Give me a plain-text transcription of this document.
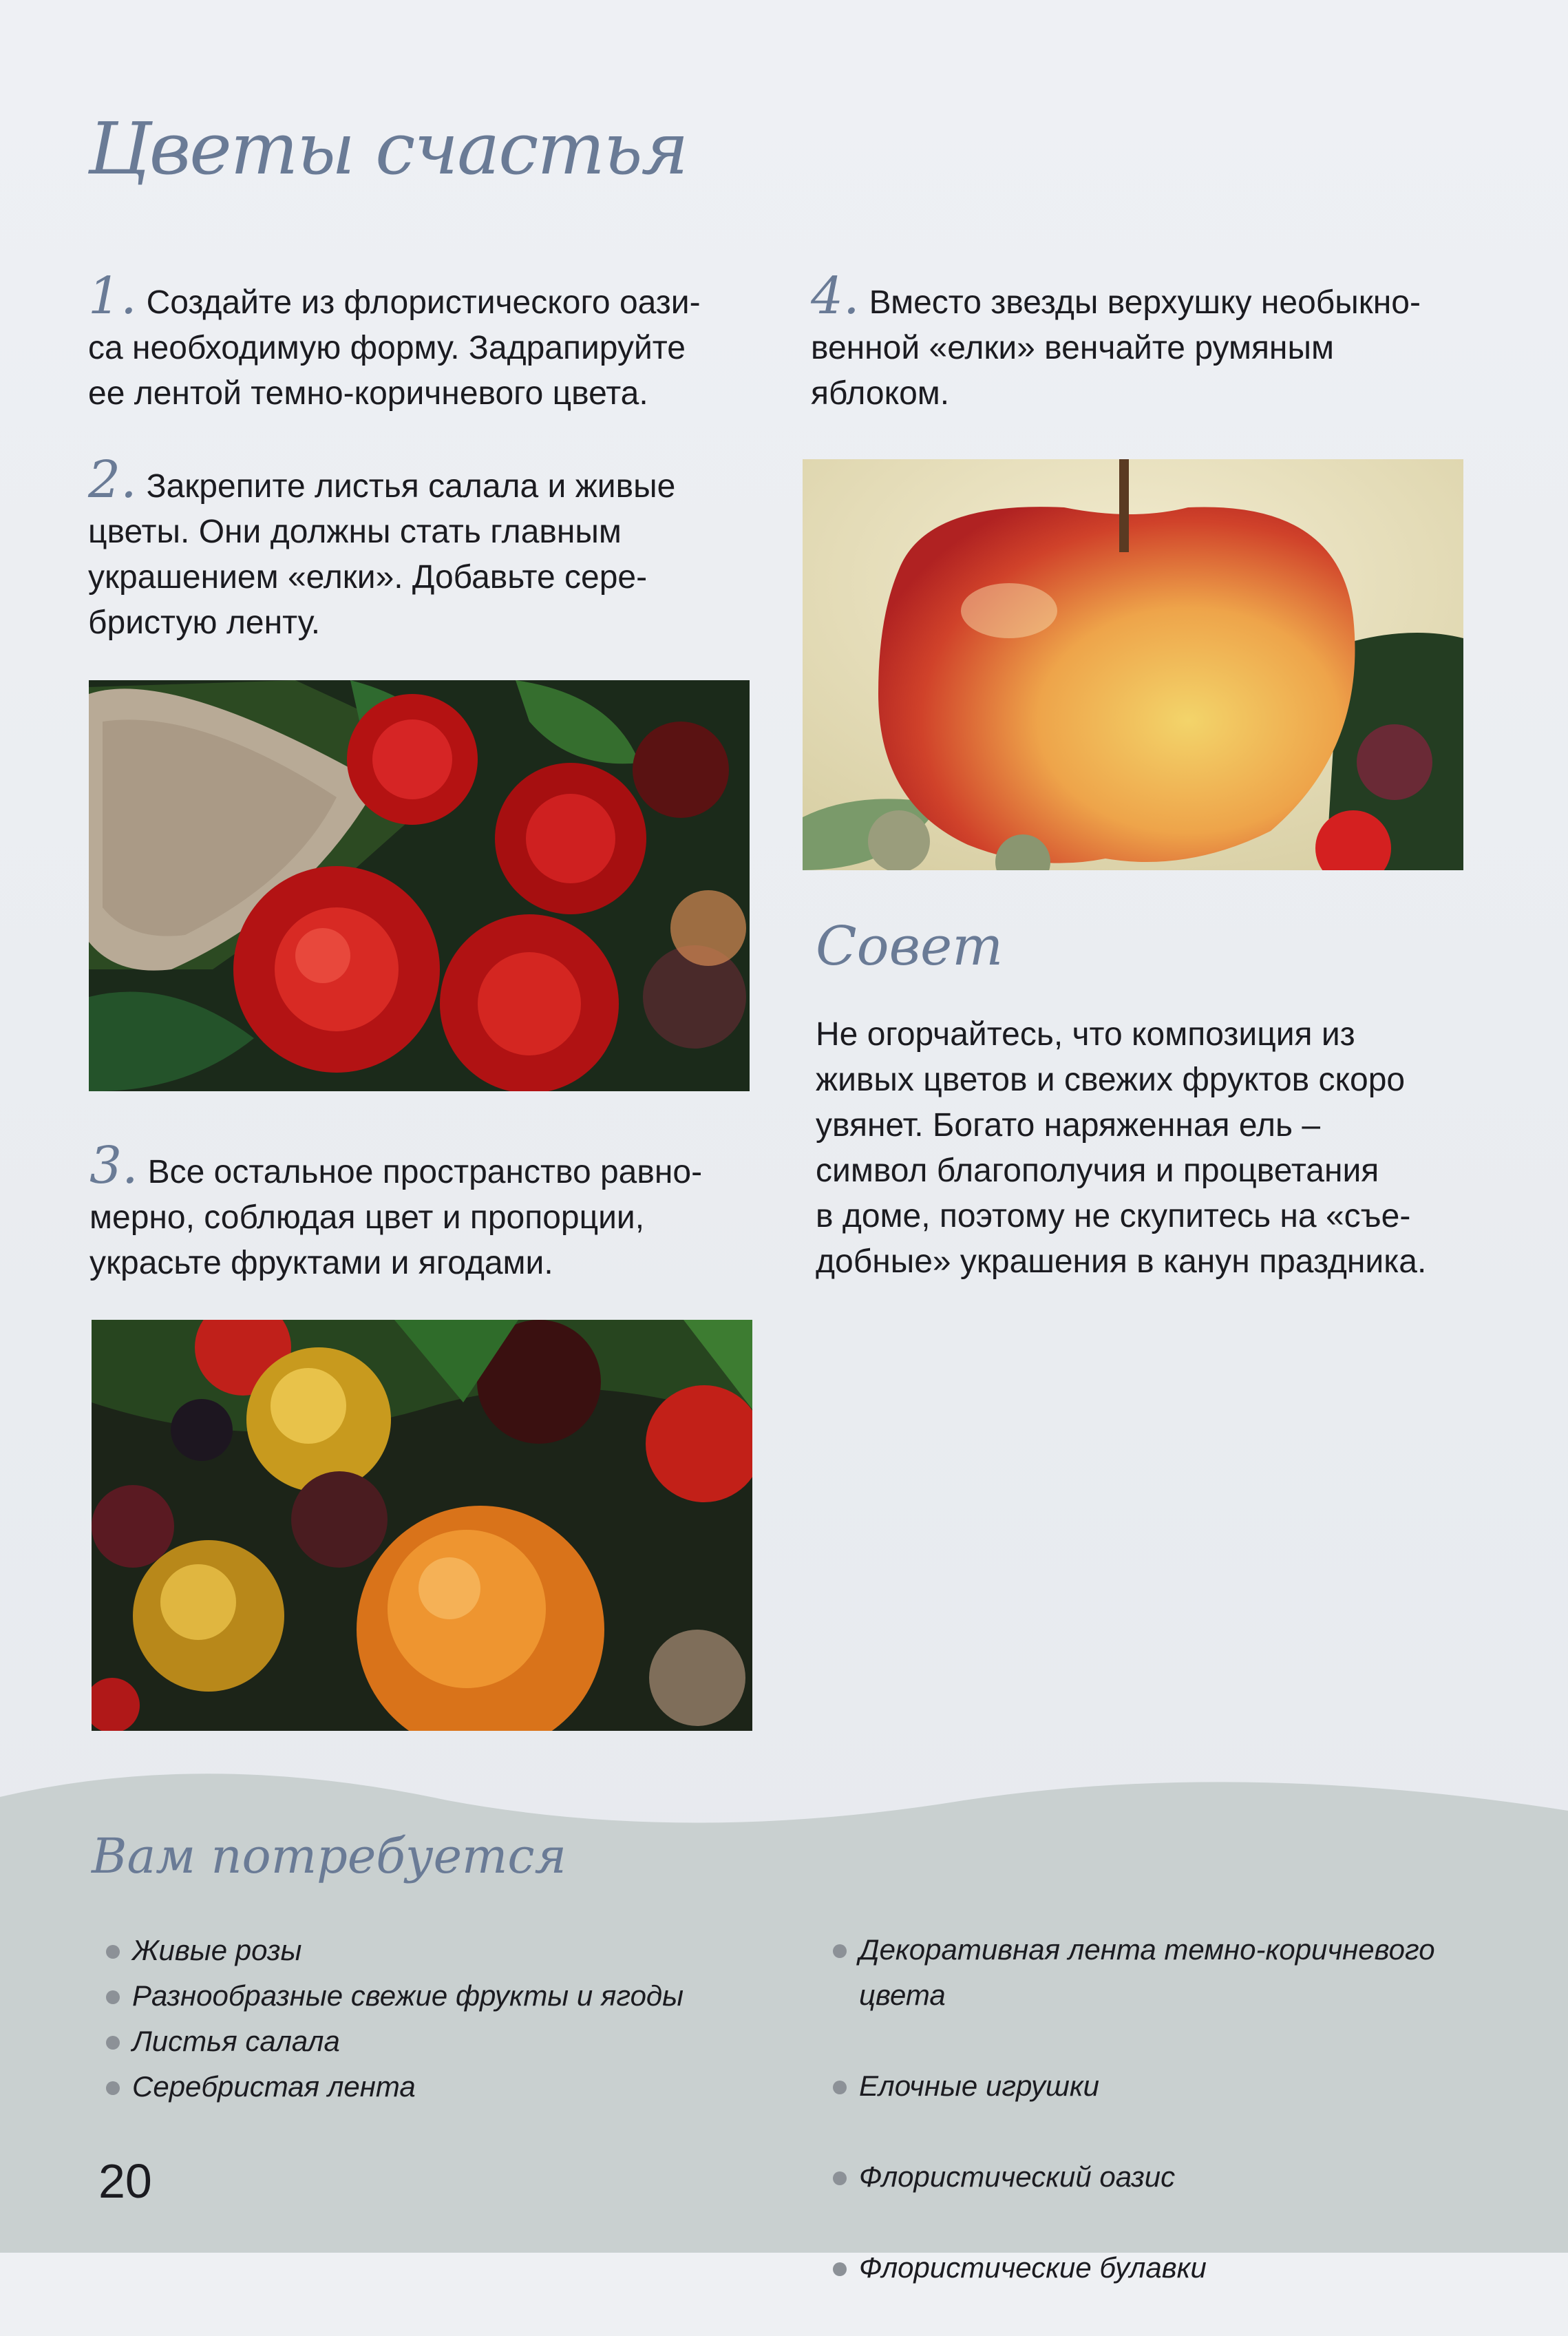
Цветы счастья

1. Создайте из флористического оази-
са необходимую форму. Задрапируйте
ее лентой темно-коричневого цвета.

2. Закрепите листья салала и живые
цветы. Они должны стать главным
украшением «елки». Добавьте сере-
бристую ленту.

3. Все остальное пространство равно-
мерно, соблюдая цвет и пропорции,
украсьте фруктами и ягодами.

4. Вместо звезды верхушку необыкно-
венной «елки» венчайте румяным
яблоком.

Совет

Не огорчайтесь, что композиция из
живых цветов и свежих фруктов скоро
увянет. Богато наряженная ель –
символ благополучия и процветания
в доме, поэтому не скупитесь на «съе-
добные» украшения в канун праздника.

Вам потребуется
Живые розы
Разнообразные свежие фрукты и ягоды
Листья салала
Серебристая лента

Декоративная лента темно-коричневого
цвета

Елочные игрушки

Флористический оазис

Флористические булавки

20
